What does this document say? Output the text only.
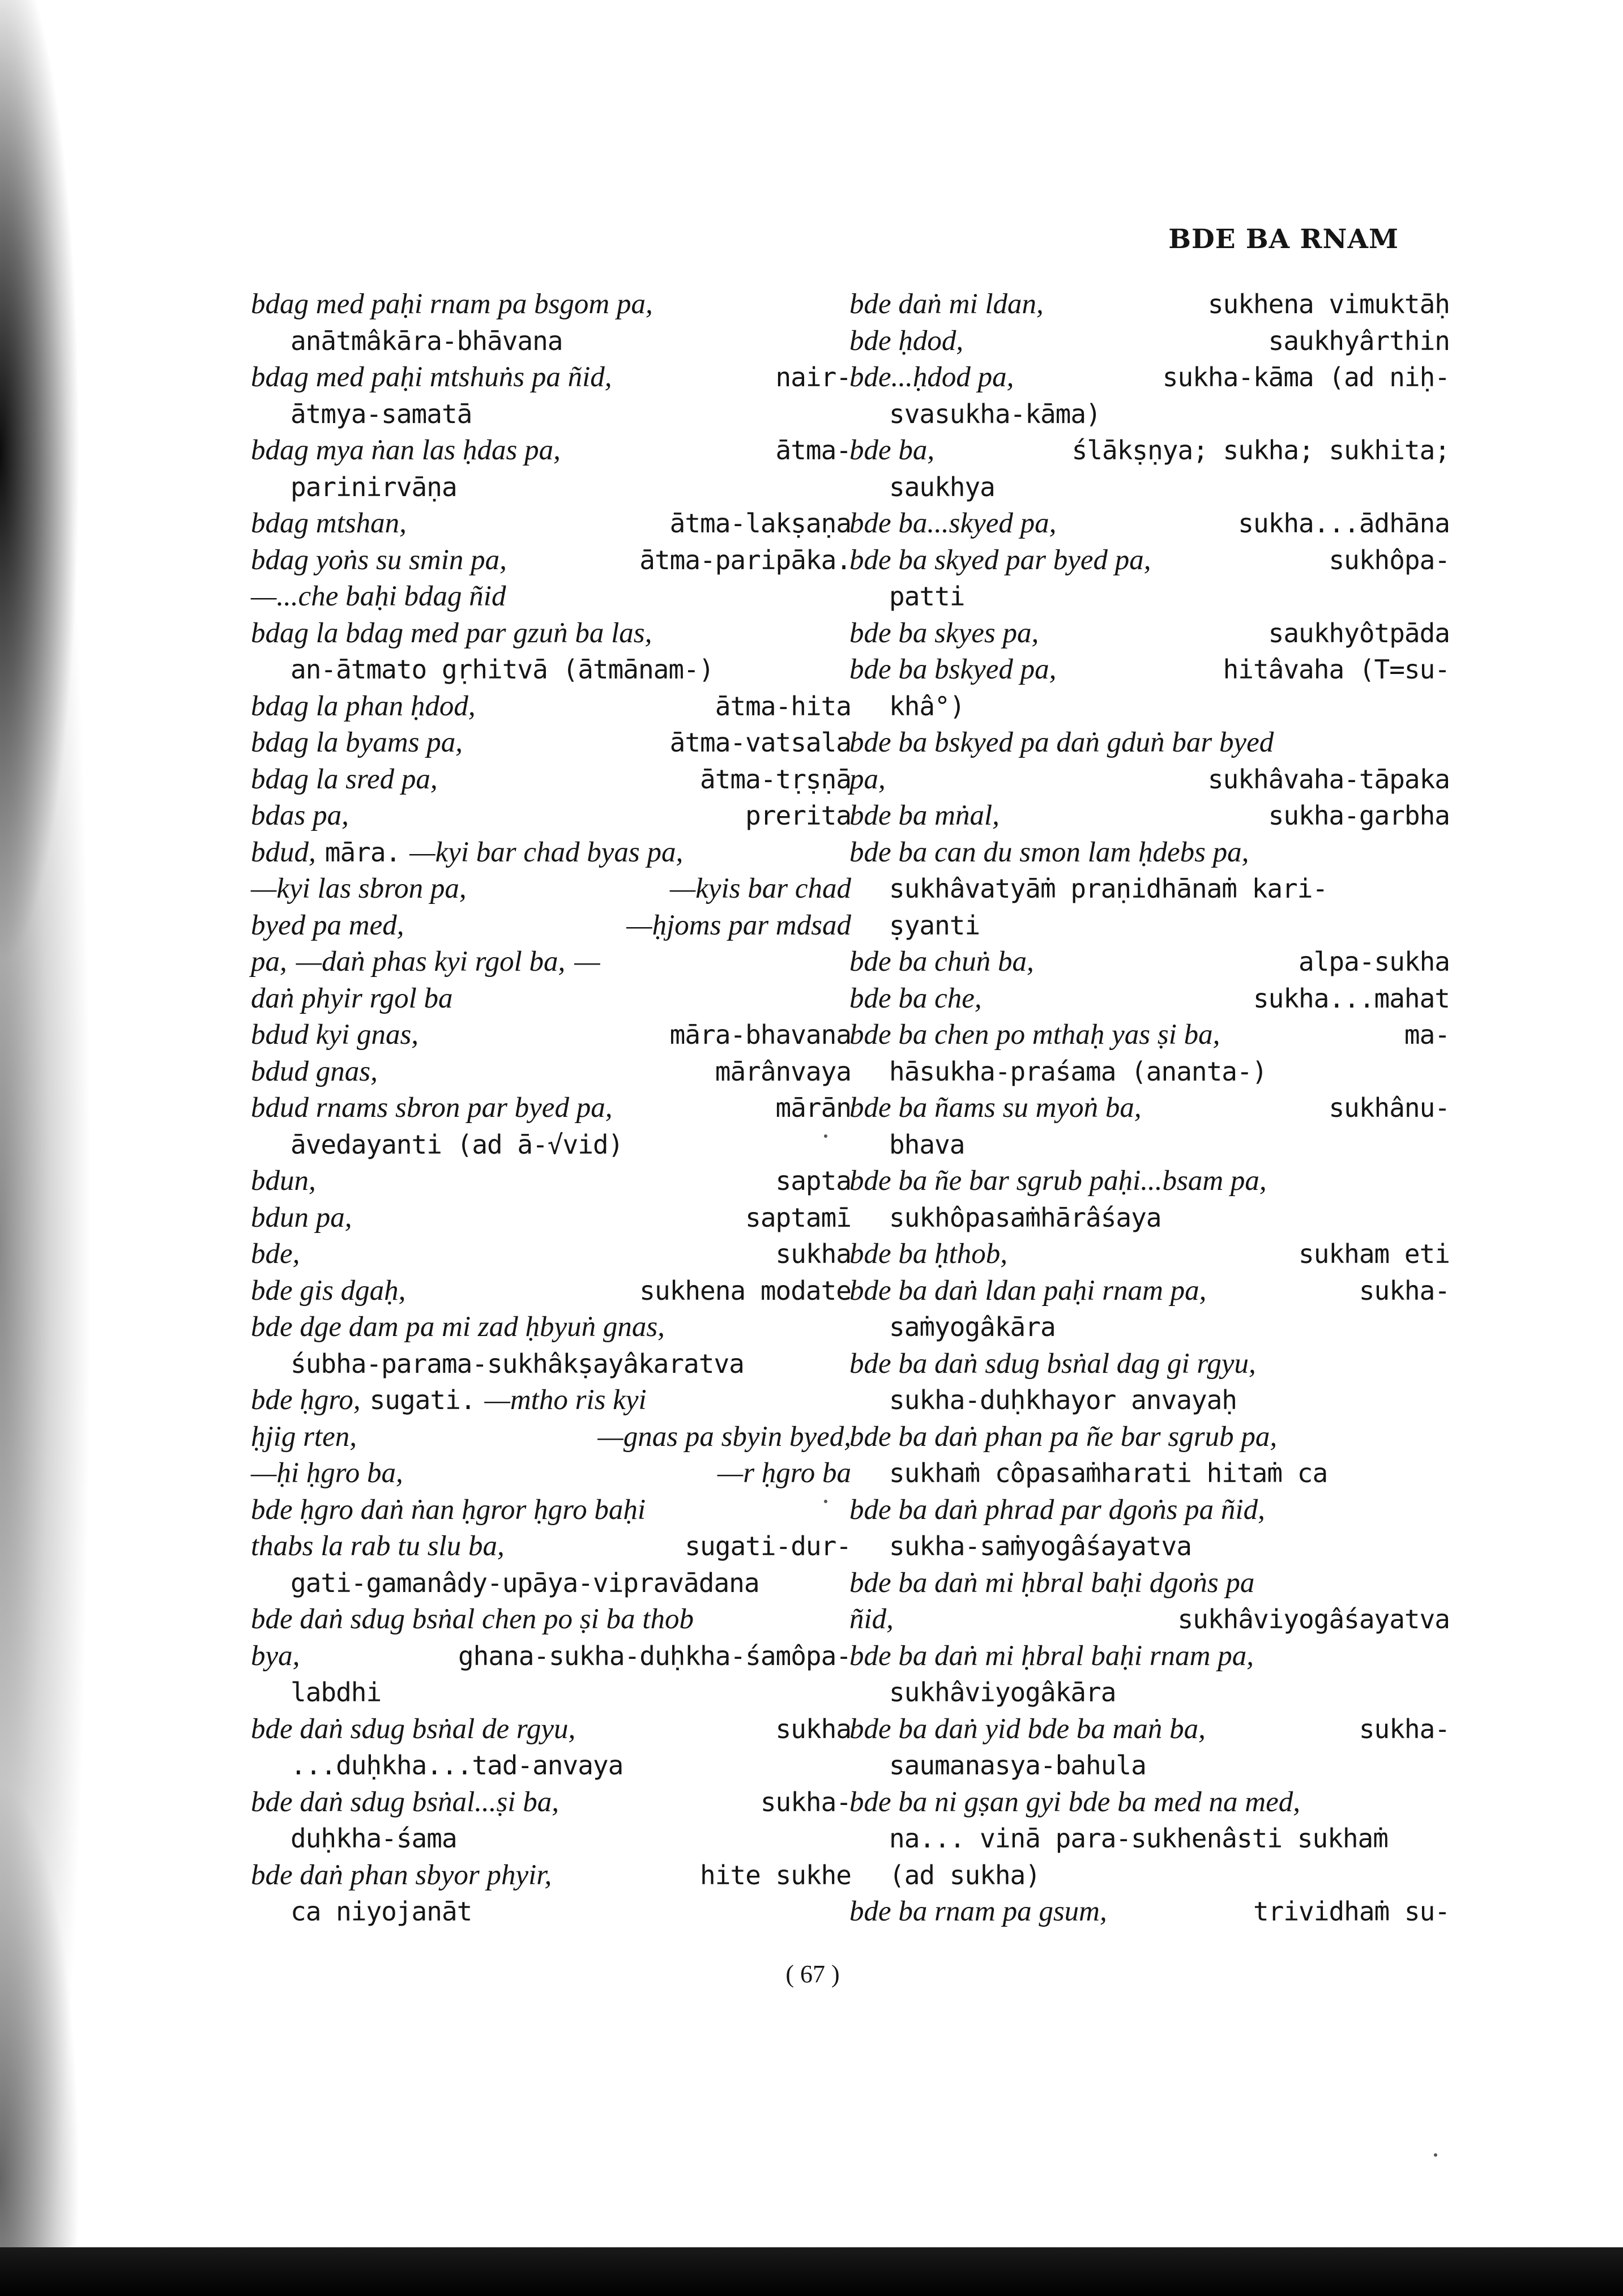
BDE BA RNAM
bdag med paḥi rnam pa bsgom pa,
anātmâkāra-bhāvana
bdag med paḥi mtshuṅs pa ñid,	nair-
ātmya-samatā
bdag mya ṅan las ḥdas pa,	ātma-
parinirvāṇa
bdag mtshan,	ātma-lakṣaṇa
bdag yoṅs su smin pa,	ātma-paripāka.
—...che baḥi bdag ñid
bdag la bdag med par gzuṅ ba las,
an-ātmato gṛhitvā (ātmānam-)
bdag la phan ḥdod,	ātma-hita
bdag la byams pa,	ātma-vatsala
bdag la sred pa,	ātma-tṛṣṇā
bdas pa,	prerita
bdud, māra. —kyi bar chad byas pa,
—kyi las sbron pa,	—kyis bar chad
byed pa med,	—ḥjoms par mdsad
pa, —daṅ phas kyi rgol ba, —
daṅ phyir rgol ba
bdud kyi gnas,	māra-bhavana
bdud gnas,	mārânvaya
bdud rnams sbron par byed pa,	mārān
āvedayanti (ad ā-√vid)
bdun,	sapta
bdun pa,	saptamī
bde,	sukha
bde gis dgaḥ,	sukhena modate
bde dge dam pa mi zad ḥbyuṅ gnas,
śubha-parama-sukhâkṣayâkaratva
bde ḥgro, sugati. —mtho ris kyi
ḥjig rten,	—gnas pa sbyin byed,
—ḥi ḥgro ba,	—r ḥgro ba
bde ḥgro daṅ ṅan ḥgror ḥgro baḥi
thabs la rab tu slu ba,	sugati-dur-
gati-gamanâdy-upāya-vipravādana
bde daṅ sdug bsṅal chen po ṣi ba thob
bya,	ghana-sukha-duḥkha-śamôpa-
labdhi
bde daṅ sdug bsṅal de rgyu,	sukha
...duḥkha...tad-anvaya
bde daṅ sdug bsṅal...ṣi ba,	sukha-
duḥkha-śama
bde daṅ phan sbyor phyir,	hite sukhe
ca niyojanāt
bde daṅ mi ldan,	sukhena vimuktāḥ
bde ḥdod,	saukhyârthin
bde...ḥdod pa,	sukha-kāma (ad niḥ-
svasukha-kāma)
bde ba,	ślākṣṇya; sukha; sukhita;
saukhya
bde ba...skyed pa,	sukha...ādhāna
bde ba skyed par byed pa,	sukhôpa-
patti
bde ba skyes pa,	saukhyôtpāda
bde ba bskyed pa,	hitâvaha (T=su-
khâ°)
bde ba bskyed pa daṅ gduṅ bar byed
pa,	sukhâvaha-tāpaka
bde ba mṅal,	sukha-garbha
bde ba can du smon lam ḥdebs pa,
sukhâvatyāṁ praṇidhānaṁ kari-
ṣyanti
bde ba chuṅ ba,	alpa-sukha
bde ba che,	sukha...mahat
bde ba chen po mthaḥ yas ṣi ba,	ma-
hāsukha-praśama (ananta-)
bde ba ñams su myoṅ ba,	sukhânu-
bhava
bde ba ñe bar sgrub paḥi...bsam pa,
sukhôpasaṁhārâśaya
bde ba ḥthob,	sukham eti
bde ba daṅ ldan paḥi rnam pa,	sukha-
saṁyogâkāra
bde ba daṅ sdug bsṅal dag gi rgyu,
sukha-duḥkhayor anvayaḥ
bde ba daṅ phan pa ñe bar sgrub pa,
sukhaṁ côpasaṁharati hitaṁ ca
bde ba daṅ phrad par dgoṅs pa ñid,
sukha-saṁyogâśayatva
bde ba daṅ mi ḥbral baḥi dgoṅs pa
ñid,	sukhâviyogâśayatva
bde ba daṅ mi ḥbral baḥi rnam pa,
sukhâviyogâkāra
bde ba daṅ yid bde ba maṅ ba,	sukha-
saumanasya-bahula
bde ba ni gṣan gyi bde ba med na med,
na... vinā para-sukhenâsti sukhaṁ
(ad sukha)
bde ba rnam pa gsum,	trividhaṁ su-
( 67 )
